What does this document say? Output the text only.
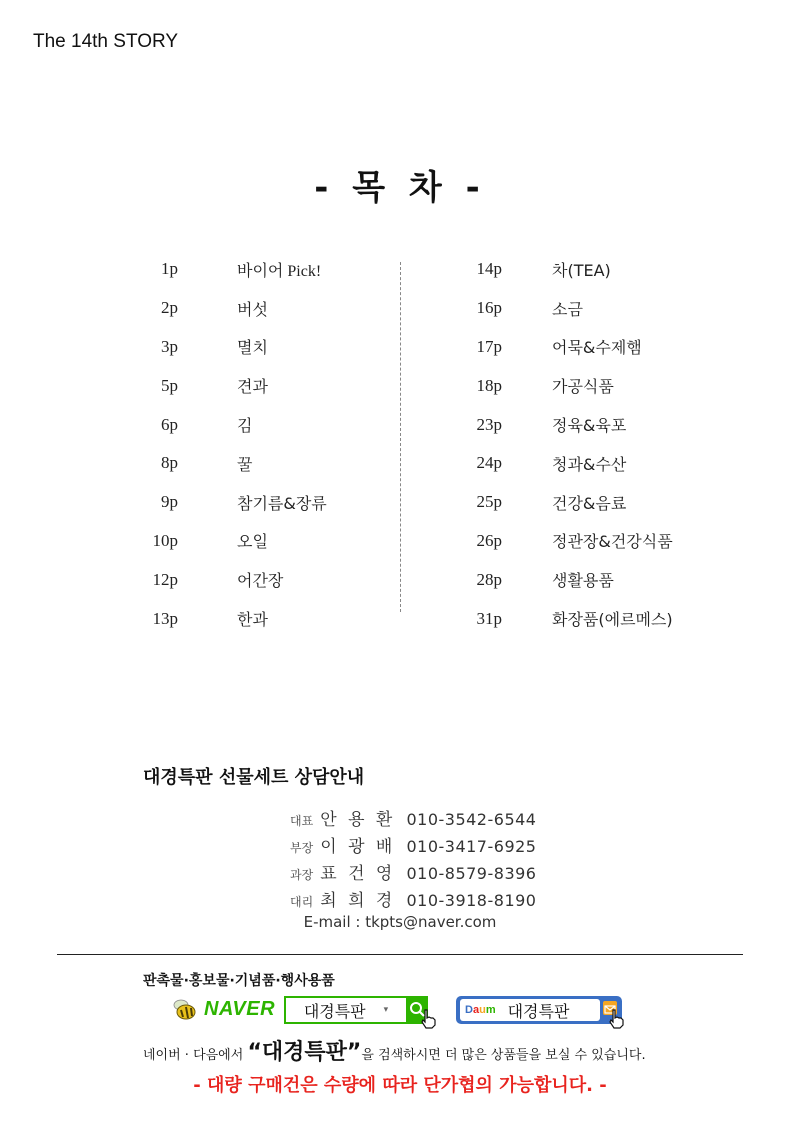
The 14th STORY
- 목 차 -
1p	바이어 Pick!
2p	버섯
3p	멸치
5p	견과
6p	김
8p	꿀
9p	참기름&장류
10p	오일
12p	어간장
13p	한과
14p	차(TEA)
16p	소금
17p	어묵&수제햄
18p	가공식품
23p	정육&육포
24p	청과&수산
25p	건강&음료
26p	정관장&건강식품
28p	생활용품
31p	화장품(에르메스)
대경특판 선물세트 상담안내
대표 안 용 환 010-3542-6544
부장 이 광 배 010-3417-6925
과장 표 건 영 010-8579-8396
대리 최 희 경 010-3918-8190
E-mail : tkpts@naver.com
판촉물·홍보물·기념품·행사용품
NAVER 대경특판 ▾	Daum 대경특판
네이버 · 다음에서 “대경특판”을 검색하시면 더 많은 상품들을 보실 수 있습니다.
- 대량 구매건은 수량에 따라 단가협의 가능합니다. -
